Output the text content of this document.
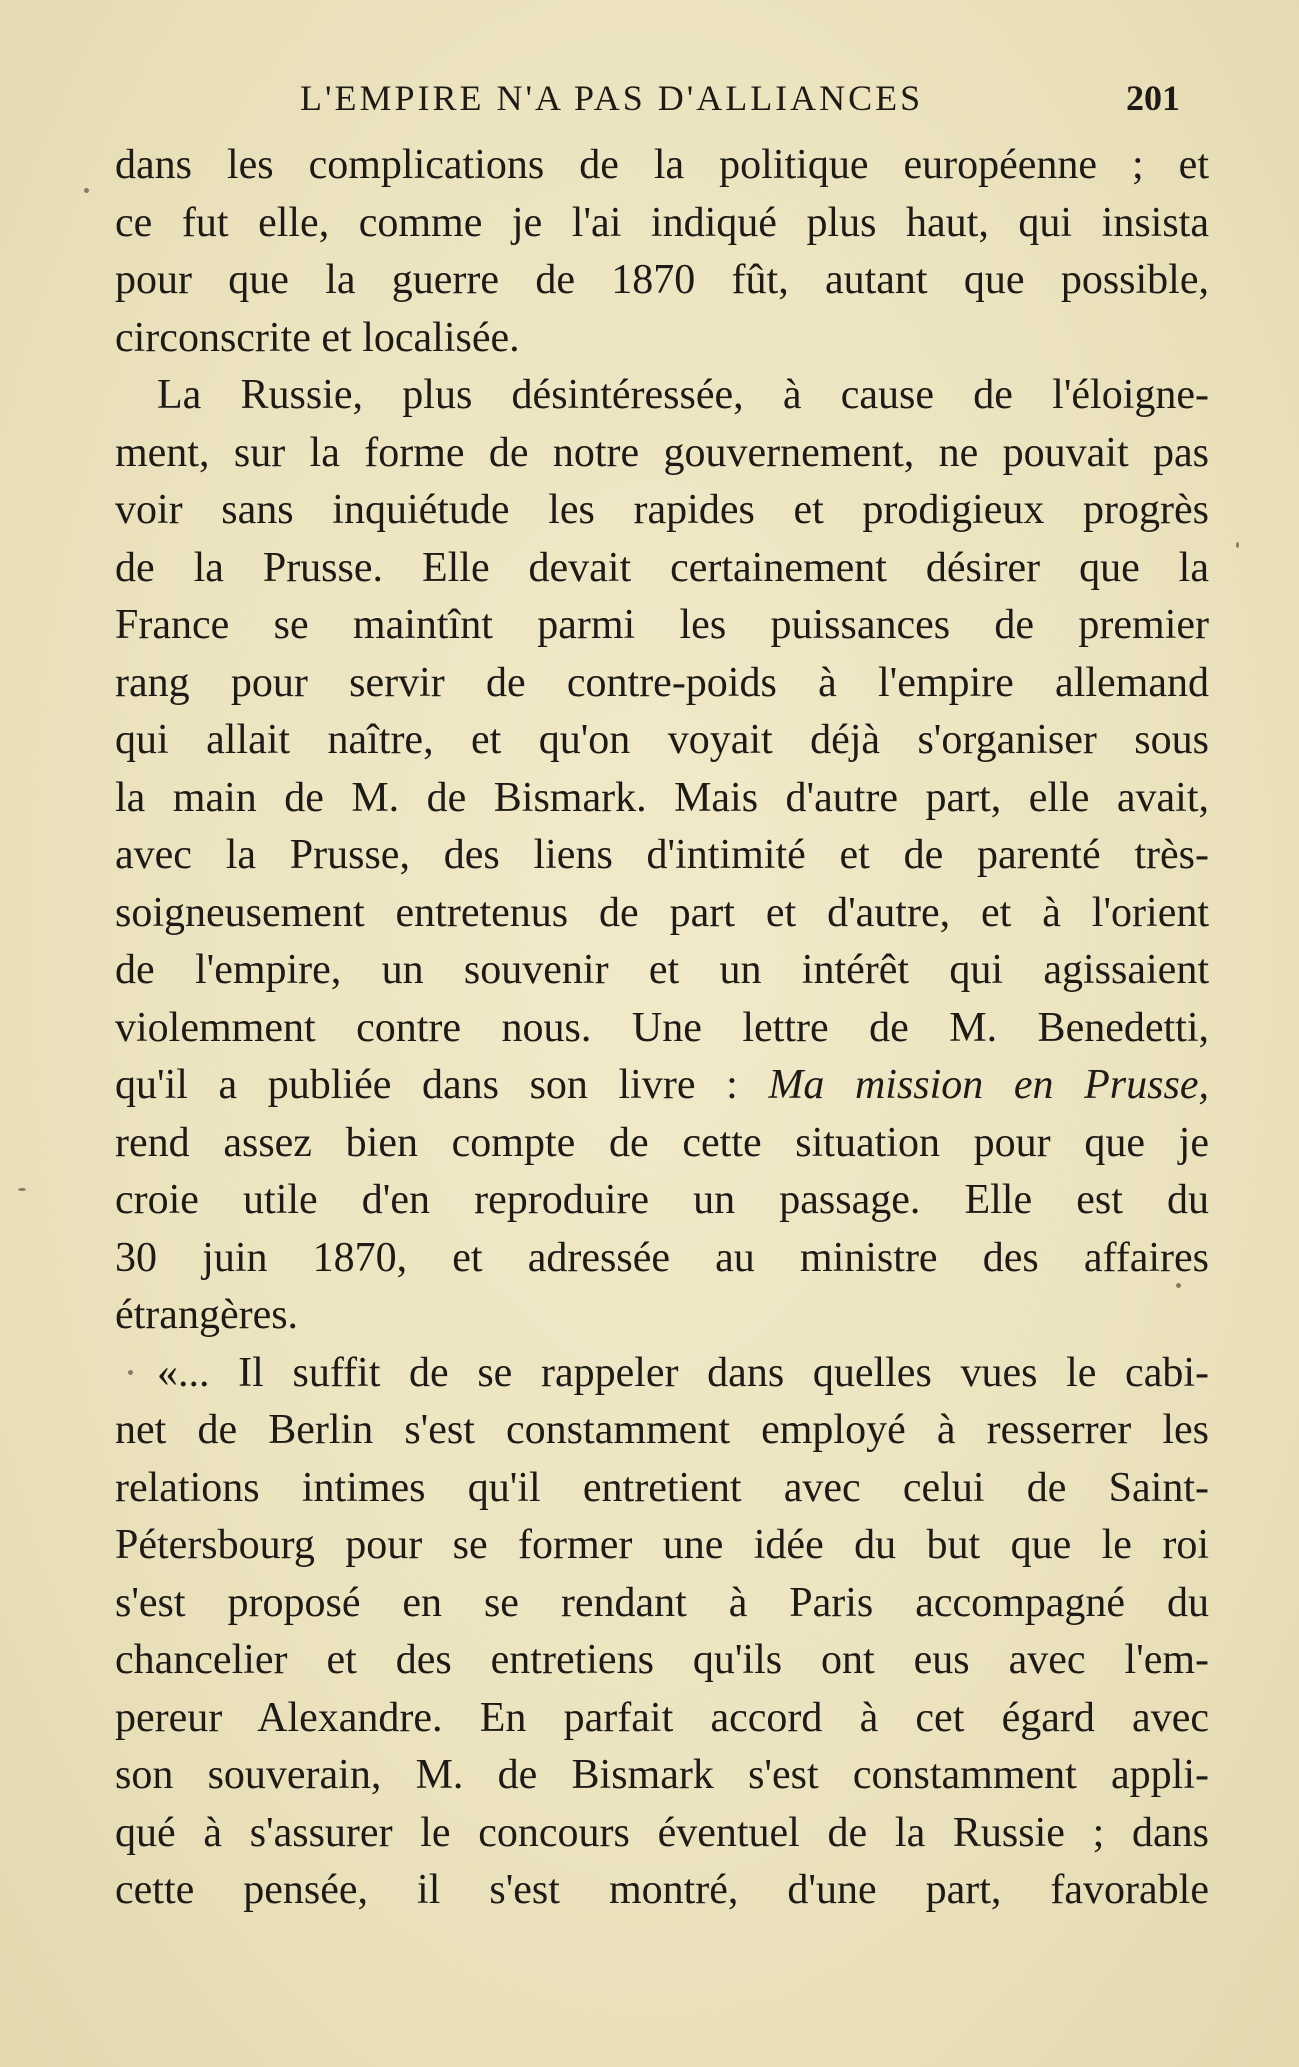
L'EMPIRE N'A PAS D'ALLIANCES	201
dans les complications de la politique européenne ; et
ce fut elle, comme je l'ai indiqué plus haut, qui insista
pour que la guerre de 1870 fût, autant que possible,
circonscrite et localisée.
La Russie, plus désintéressée, à cause de l'éloigne-
ment, sur la forme de notre gouvernement, ne pouvait pas
voir sans inquiétude les rapides et prodigieux progrès
de la Prusse. Elle devait certainement désirer que la
France se maintînt parmi les puissances de premier
rang pour servir de contre-poids à l'empire allemand
qui allait naître, et qu'on voyait déjà s'organiser sous
la main de M. de Bismark. Mais d'autre part, elle avait,
avec la Prusse, des liens d'intimité et de parenté très-
soigneusement entretenus de part et d'autre, et à l'orient
de l'empire, un souvenir et un intérêt qui agissaient
violemment contre nous. Une lettre de M. Benedetti,
qu'il a publiée dans son livre : Ma mission en Prusse,
rend assez bien compte de cette situation pour que je
croie utile d'en reproduire un passage. Elle est du
30 juin 1870, et adressée au ministre des affaires
étrangères.
«... Il suffit de se rappeler dans quelles vues le cabi-
net de Berlin s'est constamment employé à resserrer les
relations intimes qu'il entretient avec celui de Saint-
Pétersbourg pour se former une idée du but que le roi
s'est proposé en se rendant à Paris accompagné du
chancelier et des entretiens qu'ils ont eus avec l'em-
pereur Alexandre. En parfait accord à cet égard avec
son souverain, M. de Bismark s'est constamment appli-
qué à s'assurer le concours éventuel de la Russie ; dans
cette pensée, il s'est montré, d'une part, favorable
